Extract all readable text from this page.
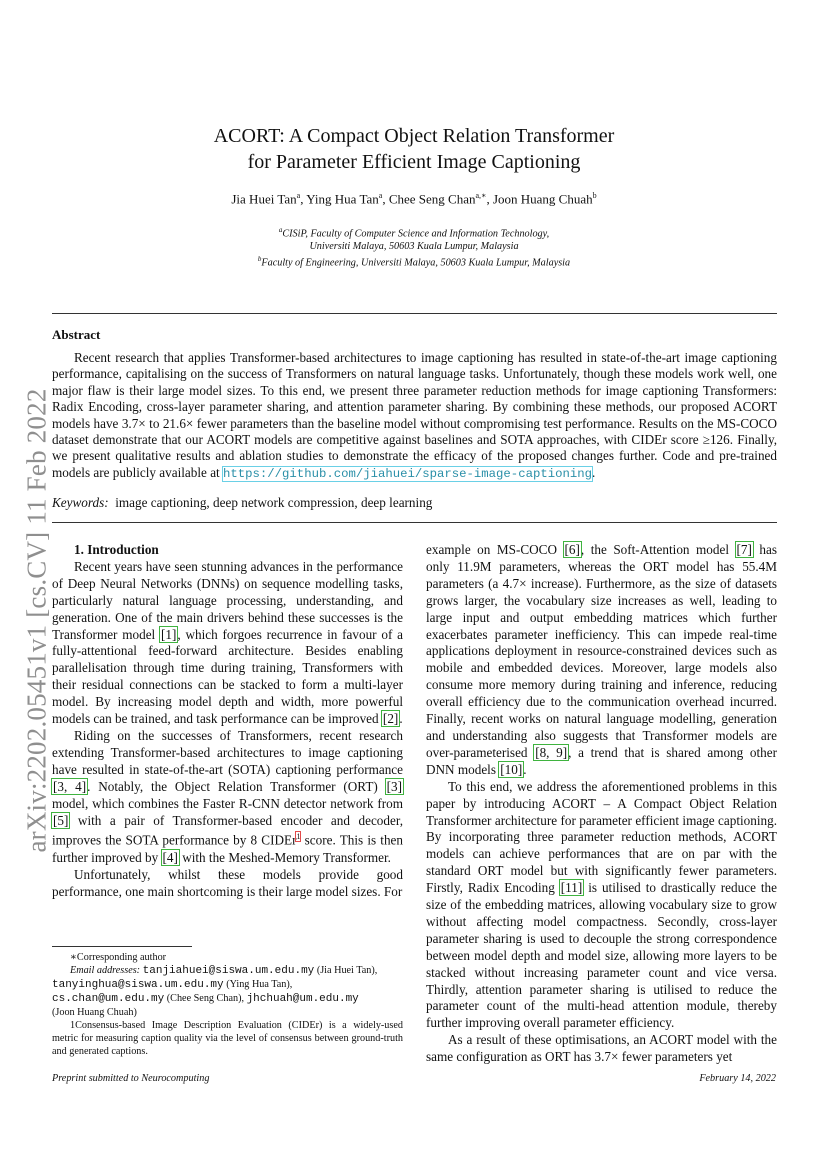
arXiv:2202.05451v1 [cs.CV] 11 Feb 2022
ACORT: A Compact Object Relation Transformer
for Parameter Efficient Image Captioning
Jia Huei Tan$^a$, Ying Hua Tan$^a$, Chee Seng Chan$^{a,∗}$, Joon Huang Chuah$^b$
$^a$CISiP, Faculty of Computer Science and Information Technology,
Universiti Malaya, 50603 Kuala Lumpur, Malaysia
$^b$Faculty of Engineering, Universiti Malaya, 50603 Kuala Lumpur, Malaysia
Abstract
Recent research that applies Transformer-based architectures to image captioning has resulted in state-of-the-art image captioning performance, capitalising on the success of Transformers on natural language tasks. Unfortunately, though these models work well, one major flaw is their large model sizes. To this end, we present three parameter reduction methods for image captioning Transformers: Radix Encoding, cross-layer parameter sharing, and attention parameter sharing. By combining these methods, our proposed ACORT models have 3.7× to 21.6× fewer parameters than the baseline model without compromising test performance. Results on the MS-COCO dataset demonstrate that our ACORT models are competitive against baselines and SOTA approaches, with CIDEr score ≥126. Finally, we present qualitative results and ablation studies to demonstrate the efficacy of the proposed changes further. Code and pre-trained models are publicly available at https://github.com/jiahuei/sparse-image-captioning.
Keywords: image captioning, deep network compression, deep learning

1. Introduction

Recent years have seen stunning advances in the performance of Deep Neural Networks (DNNs) on sequence modelling tasks, particularly natural language processing, understanding, and generation. One of the main drivers behind these successes is the Transformer model [1], which forgoes recurrence in favour of a fully-attentional feed-forward architecture. Besides enabling parallelisation through time during training, Transformers with their residual connections can be stacked to form a multi-layer model. By increasing model depth and width, more powerful models can be trained, and task performance can be improved [2].

Riding on the successes of Transformers, recent research extending Transformer-based architectures to image captioning have resulted in state-of-the-art (SOTA) captioning performance [3, 4]. Notably, the Object Relation Transformer (ORT) [3] model, which combines the Faster R-CNN detector network from [5] with a pair of Transformer-based encoder and decoder, improves the SOTA performance by 8 CIDEr$^1$ score. This is then further improved by [4] with the Meshed-Memory Transformer.

Unfortunately, whilst these models provide good performance, one main shortcoming is their large model sizes. For

∗Corresponding author

Email addresses: tanjiahuei@siswa.um.edu.my (Jia Huei Tan),

tanyinghua@siswa.um.edu.my (Ying Hua Tan),

cs.chan@um.edu.my (Chee Seng Chan), jhchuah@um.edu.my

(Joon Huang Chuah)

1Consensus-based Image Description Evaluation (CIDEr) is a widely-used metric for measuring caption quality via the level of consensus between ground-truth and generated captions.

example on MS-COCO [6], the Soft-Attention model [7] has only 11.9M parameters, whereas the ORT model has 55.4M parameters (a 4.7× increase). Furthermore, as the size of datasets grows larger, the vocabulary size increases as well, leading to large input and output embedding matrices which further exacerbates parameter inefficiency. This can impede real-time applications deployment in resource-constrained devices such as mobile and embedded devices. Moreover, large models also consume more memory during training and inference, reducing overall efficiency due to the communication overhead incurred. Finally, recent works on natural language modelling, generation and understanding also suggests that Transformer models are over-parameterised [8, 9], a trend that is shared among other DNN models [10].

To this end, we address the aforementioned problems in this paper by introducing ACORT – A Compact Object Relation Transformer architecture for parameter efficient image captioning. By incorporating three parameter reduction methods, ACORT models can achieve performances that are on par with the standard ORT model but with significantly fewer parameters. Firstly, Radix Encoding [11] is utilised to drastically reduce the size of the embedding matrices, allowing vocabulary size to grow without affecting model compactness. Secondly, cross-layer parameter sharing is used to decouple the strong correspondence between model depth and model size, allowing more layers to be stacked without increasing parameter count and vice versa. Thirdly, attention parameter sharing is utilised to reduce the parameter count of the multi-head attention module, thereby further improving overall parameter efficiency.

As a result of these optimisations, an ACORT model with the same configuration as ORT has 3.7× fewer parameters yet

Preprint submitted to Neurocomputing	February 14, 2022
